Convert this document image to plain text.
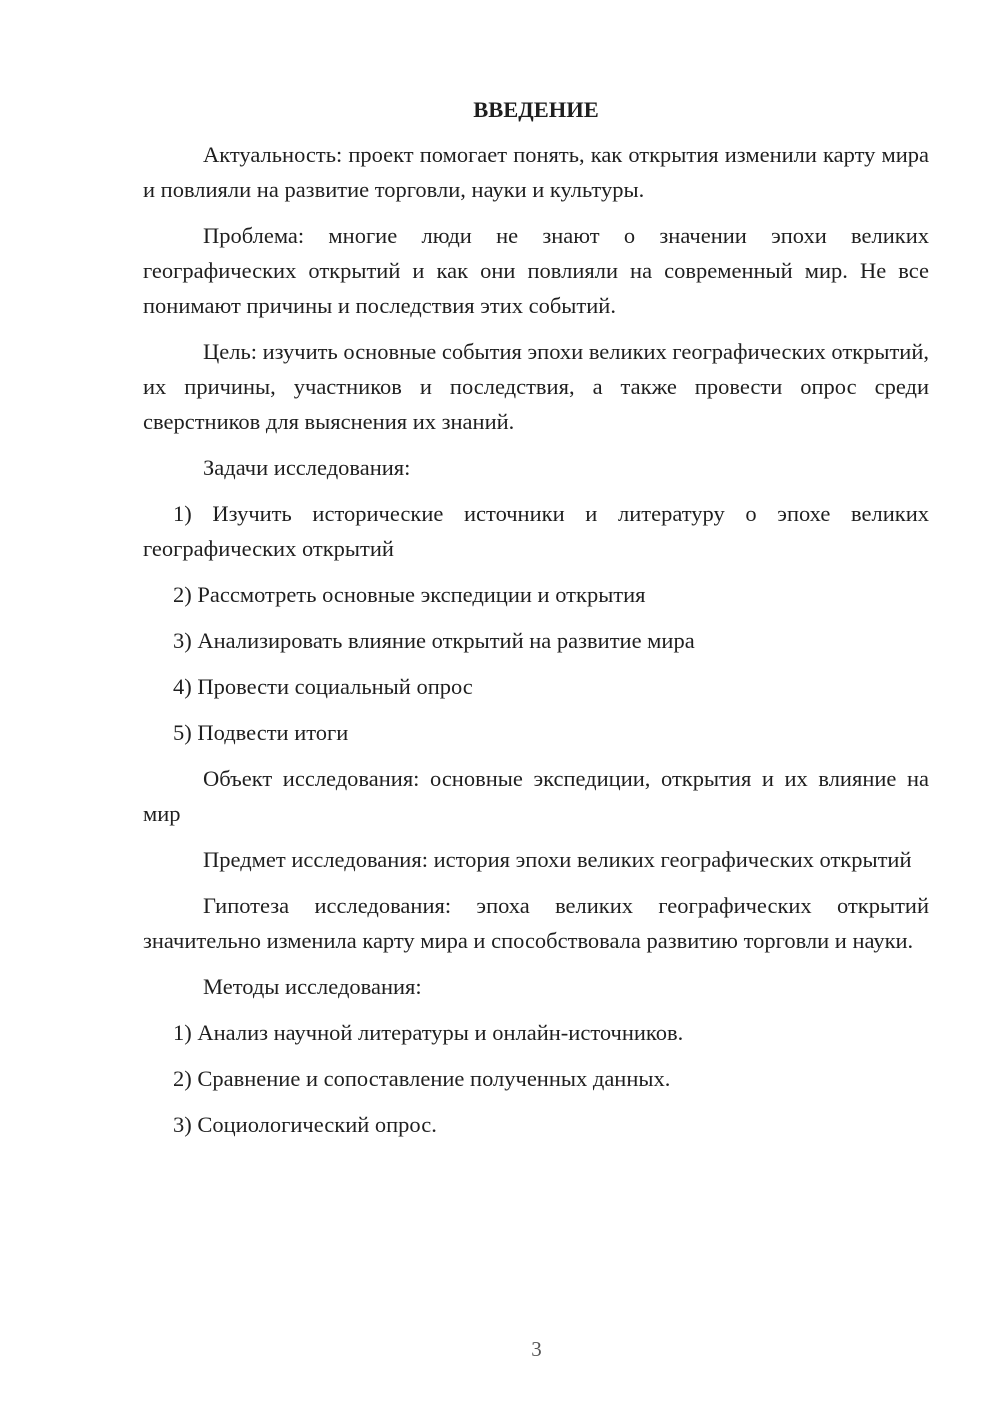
ВВЕДЕНИЕ

Актуальность: проект помогает понять, как открытия изменили карту мира и повлияли на развитие торговли, науки и культуры.

Проблема: многие люди не знают о значении эпохи великих географических открытий и как они повлияли на современный мир. Не все понимают причины и последствия этих событий.

Цель: изучить основные события эпохи великих географических открытий, их причины, участников и последствия, а также провести опрос среди сверстников для выяснения их знаний.

Задачи исследования:

1) Изучить исторические источники и литературу о эпохе великих географических открытий

2) Рассмотреть основные экспедиции и открытия

3) Анализировать влияние открытий на развитие мира

4) Провести социальный опрос

5) Подвести итоги

Объект исследования: основные экспедиции, открытия и их влияние на мир

Предмет исследования: история эпохи великих географических открытий

Гипотеза исследования: эпоха великих географических открытий значительно изменила карту мира и способствовала развитию торговли и науки.

Методы исследования:

1) Анализ научной литературы и онлайн-источников.

2) Сравнение и сопоставление полученных данных.

3) Социологический опрос.

3
